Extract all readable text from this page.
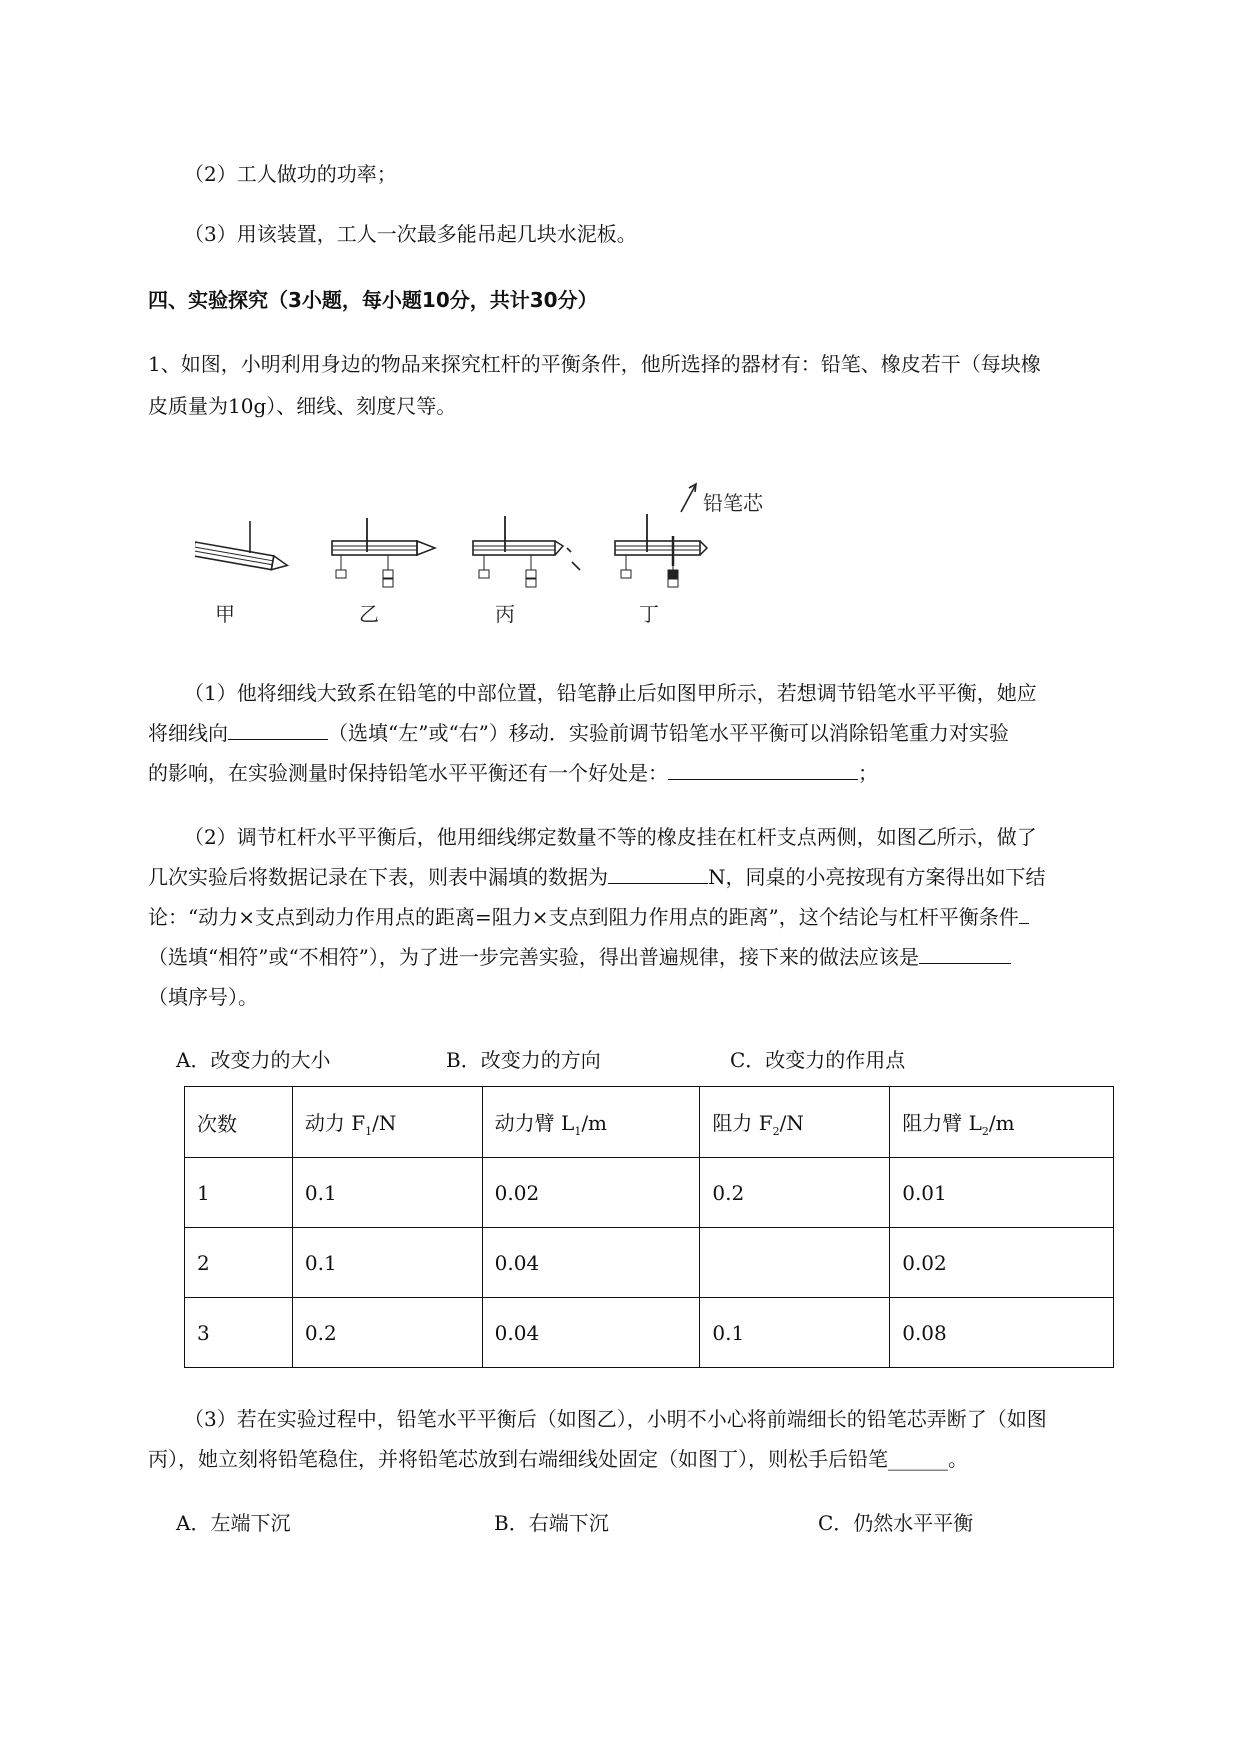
（2）工人做功的功率；
（3）用该装置，工人一次最多能吊起几块水泥板。
四、实验探究（3小题，每小题10分，共计30分）
1、如图，小明利用身边的物品来探究杠杆的平衡条件，他所选择的器材有：铅笔、橡皮若干（每块橡
皮质量为10g）、细线、刻度尺等。
铅笔芯
甲	乙	丙	丁
（1）他将细线大致系在铅笔的中部位置，铅笔静止后如图甲所示，若想调节铅笔水平平衡，她应
将细线向	（选填“左”或“右”）移动．实验前调节铅笔水平平衡可以消除铅笔重力对实验
的影响，在实验测量时保持铅笔水平平衡还有一个好处是：	；
（2）调节杠杆水平平衡后，他用细线绑定数量不等的橡皮挂在杠杆支点两侧，如图乙所示，做了
几次实验后将数据记录在下表，则表中漏填的数据为	N，同桌的小亮按现有方案得出如下结
论：“动力×支点到动力作用点的距离=阻力×支点到阻力作用点的距离”，这个结论与杠杆平衡条件
（选填“相符”或“不相符”），为了进一步完善实验，得出普遍规律，接下来的做法应该是
（填序号）。
A．改变力的大小	B．改变力的方向	C．改变力的作用点
次数	动力 $F_1/N$	动力臂 $L_1/m$	阻力 $F_2/N$	阻力臂 $L_2/m$
1	0.1	0.02	0.2	0.01
2	0.1	0.04		0.02
3	0.2	0.04	0.1	0.08
（3）若在实验过程中，铅笔水平平衡后（如图乙），小明不小心将前端细长的铅笔芯弄断了（如图
丙），她立刻将铅笔稳住，并将铅笔芯放到右端细线处固定（如图丁），则松手后铅笔______。
A．左端下沉	B．右端下沉	C．仍然水平平衡
